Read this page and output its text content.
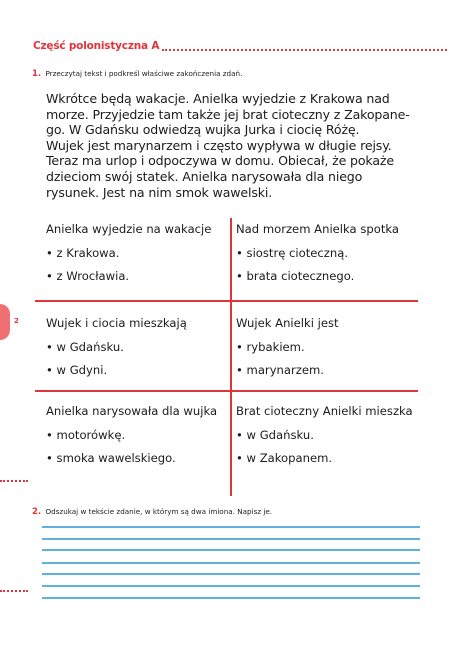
Część polonistyczna A
1. Przeczytaj tekst i podkreśl właściwe zakończenia zdań.
Wkrótce będą wakacje. Anielka wyjedzie z Krakowa nad
morze. Przyjedzie tam także jej brat cioteczny z Zakopane-
go. W Gdańsku odwiedzą wujka Jurka i ciocię Różę.
Wujek jest marynarzem i często wypływa w długie rejsy.
Teraz ma urlop i odpoczywa w domu. Obiecał, że pokaże
dzieciom swój statek. Anielka narysowała dla niego
rysunek. Jest na nim smok wawelski.
Anielka wyjedzie na wakacje
• z Krakowa.
• z Wrocławia.
Nad morzem Anielka spotka
• siostrę cioteczną.
• brata ciotecznego.
Wujek i ciocia mieszkają
• w Gdańsku.
• w Gdyni.
Wujek Anielki jest
• rybakiem.
• marynarzem.
Anielka narysowała dla wujka
• motorówkę.
• smoka wawelskiego.
Brat cioteczny Anielki mieszka
• w Gdańsku.
• w Zakopanem.
2
2. Odszukaj w tekście zdanie, w którym są dwa imiona. Napisz je.
